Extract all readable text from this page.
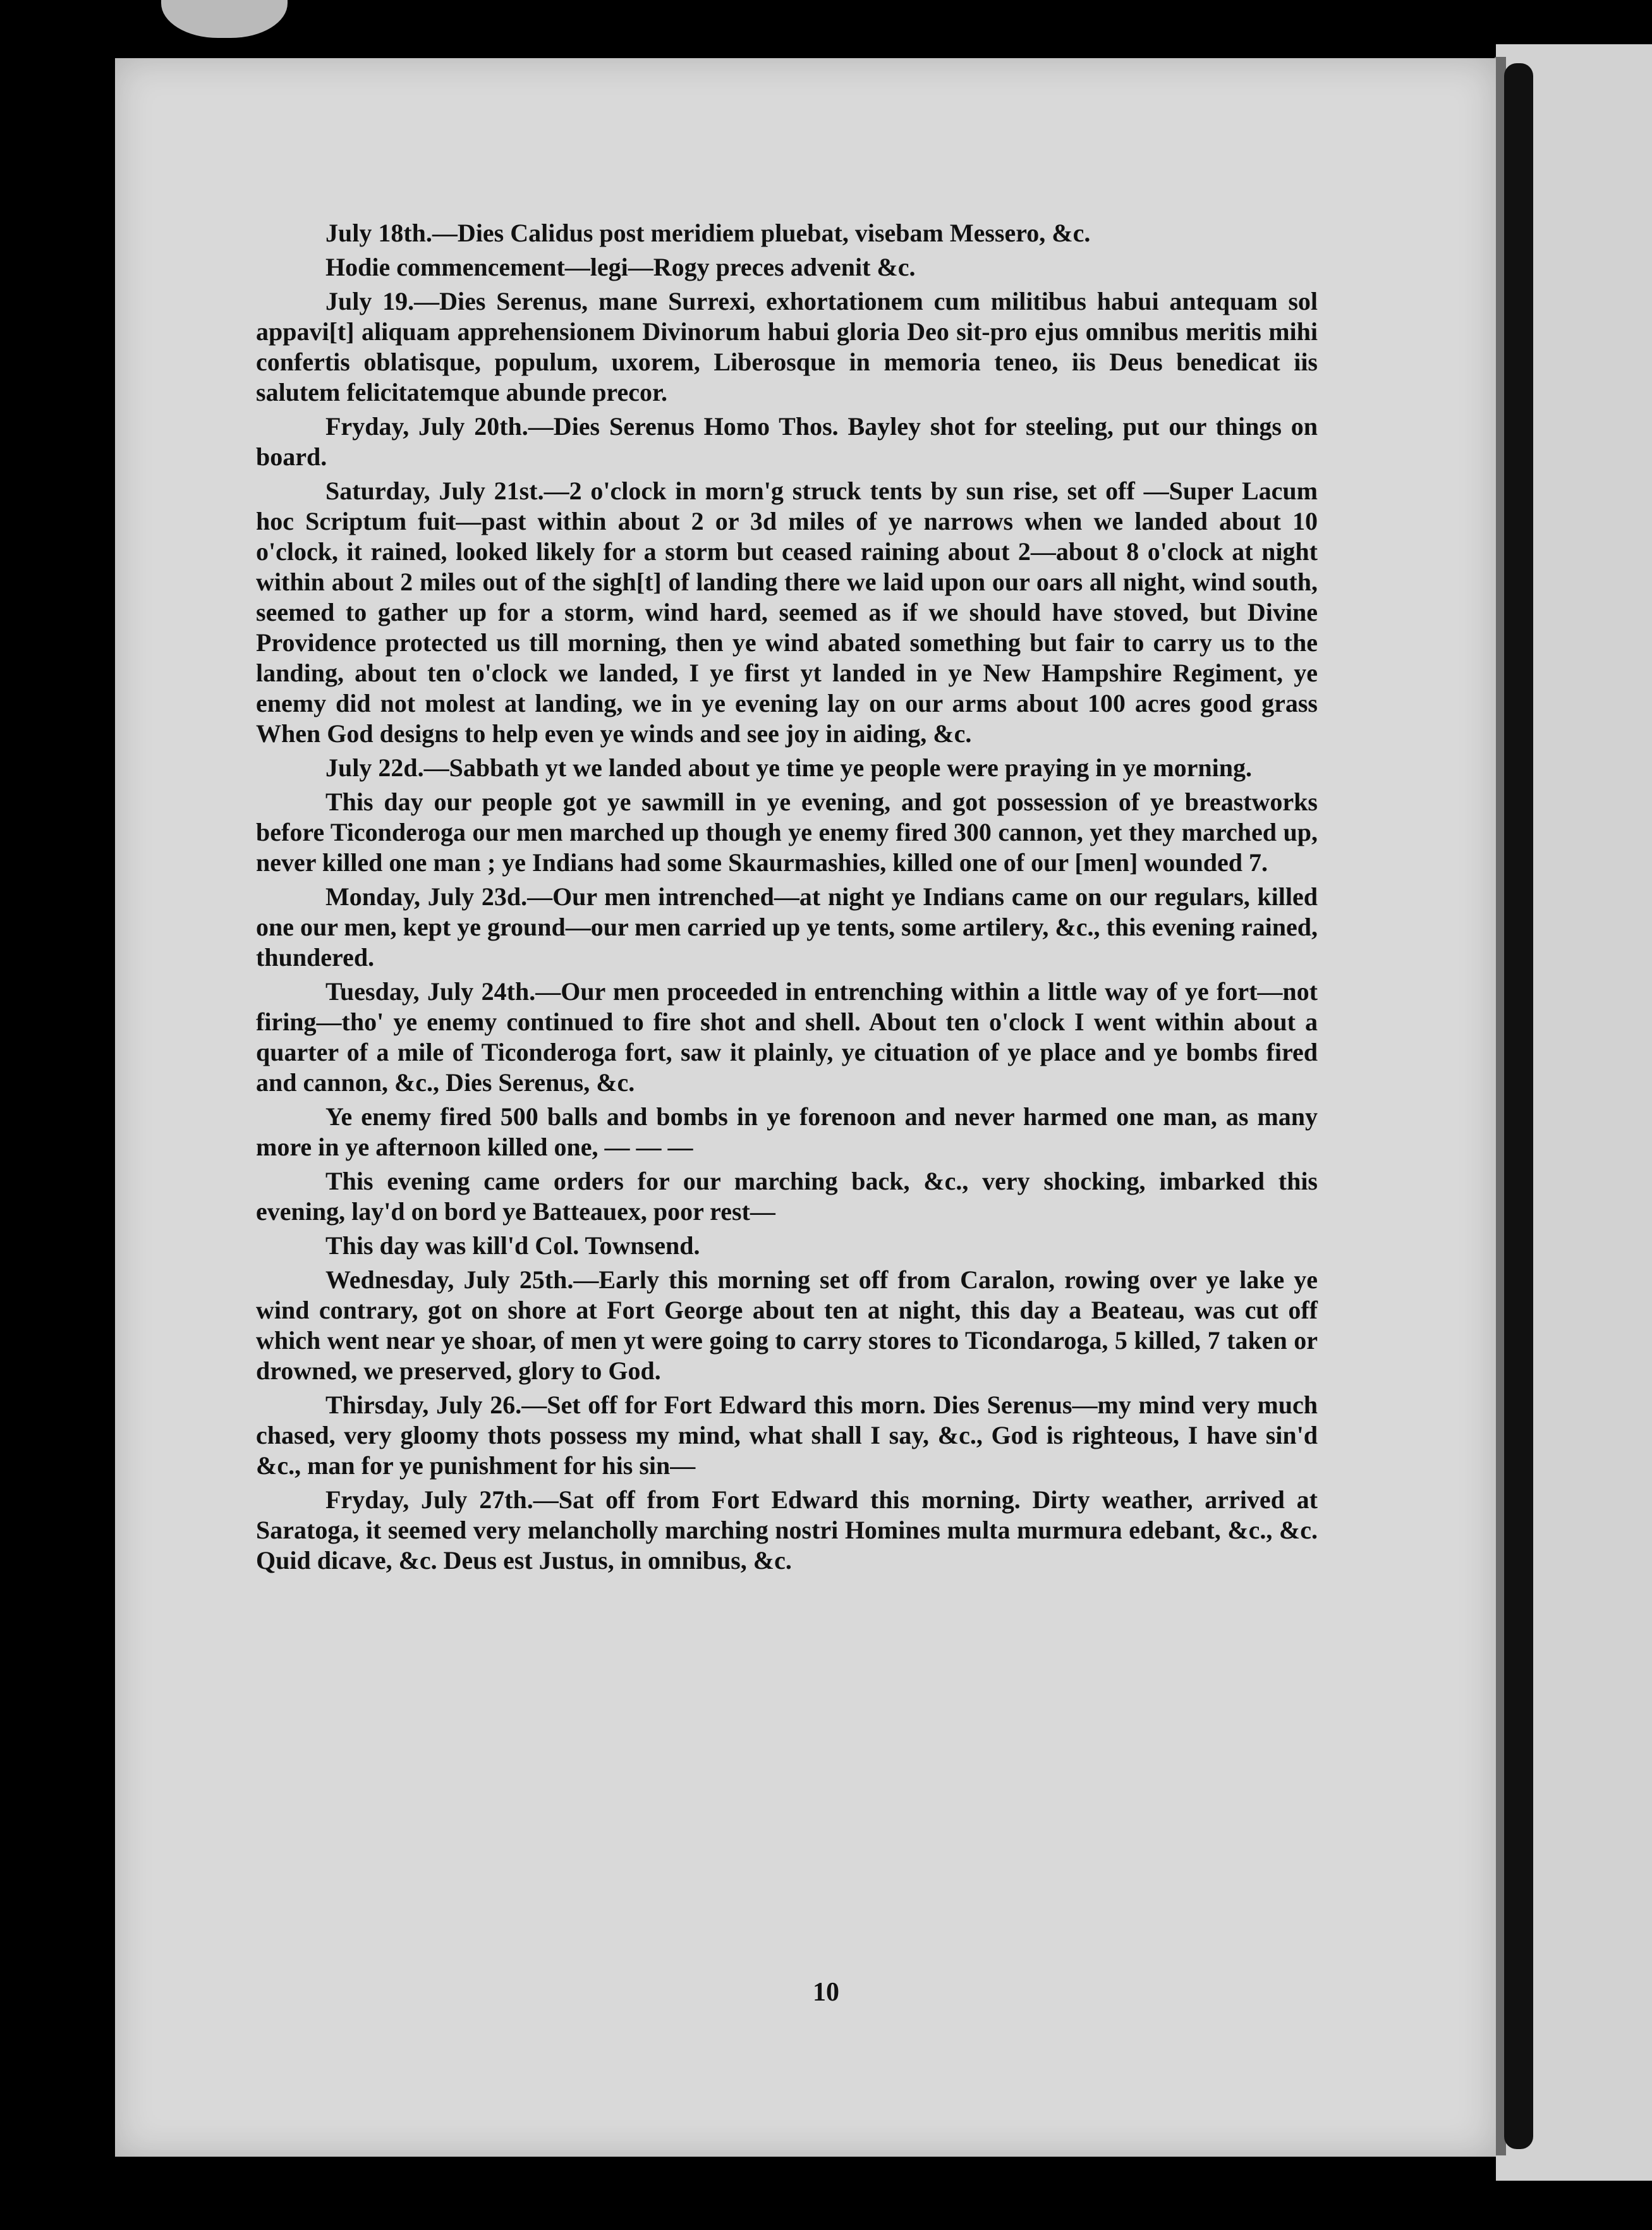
July 18th.—Dies Calidus post meridiem pluebat, visebam Messero, &c.

Hodie commencement—legi—Rogy preces advenit &c.

July 19.—Dies Serenus, mane Surrexi, exhortationem cum militibus habui antequam sol appavi[t] aliquam apprehensionem Divinorum habui gloria Deo sit-pro ejus omnibus meritis mihi confertis oblatisque, populum, uxorem, Liberosque in memoria teneo, iis Deus benedicat iis salutem felicitatemque abunde precor.

Fryday, July 20th.—Dies Serenus Homo Thos. Bayley shot for steeling, put our things on board.

Saturday, July 21st.—2 o'clock in morn'g struck tents by sun rise, set off —Super Lacum hoc Scriptum fuit—past within about 2 or 3d miles of ye narrows when we landed about 10 o'clock, it rained, looked likely for a storm but ceased raining about 2—about 8 o'clock at night within about 2 miles out of the sigh[t] of landing there we laid upon our oars all night, wind south, seemed to gather up for a storm, wind hard, seemed as if we should have stoved, but Divine Providence protected us till morning, then ye wind abated something but fair to carry us to the landing, about ten o'clock we landed, I ye first yt landed in ye New Hampshire Regiment, ye enemy did not molest at landing, we in ye evening lay on our arms about 100 acres good grass When God designs to help even ye winds and see joy in aiding, &c.

July 22d.—Sabbath yt we landed about ye time ye people were praying in ye morning.

This day our people got ye sawmill in ye evening, and got possession of ye breastworks before Ticonderoga our men marched up though ye enemy fired 300 cannon, yet they marched up, never killed one man ; ye Indians had some Skaurmashies, killed one of our [men] wounded 7.

Monday, July 23d.—Our men intrenched—at night ye Indians came on our regulars, killed one our men, kept ye ground—our men carried up ye tents, some artilery, &c., this evening rained, thundered.

Tuesday, July 24th.—Our men proceeded in entrenching within a little way of ye fort—not firing—tho' ye enemy continued to fire shot and shell. About ten o'clock I went within about a quarter of a mile of Ticonderoga fort, saw it plainly, ye cituation of ye place and ye bombs fired and cannon, &c., Dies Serenus, &c.

Ye enemy fired 500 balls and bombs in ye forenoon and never harmed one man, as many more in ye afternoon killed one, — — —

This evening came orders for our marching back, &c., very shocking, imbarked this evening, lay'd on bord ye Batteauex, poor rest—

This day was kill'd Col. Townsend.

Wednesday, July 25th.—Early this morning set off from Caralon, rowing over ye lake ye wind contrary, got on shore at Fort George about ten at night, this day a Beateau, was cut off which went near ye shoar, of men yt were going to carry stores to Ticondaroga, 5 killed, 7 taken or drowned, we preserved, glory to God.

Thirsday, July 26.—Set off for Fort Edward this morn. Dies Serenus—my mind very much chased, very gloomy thots possess my mind, what shall I say, &c., God is righteous, I have sin'd &c., man for ye punishment for his sin—

Fryday, July 27th.—Sat off from Fort Edward this morning. Dirty weather, arrived at Saratoga, it seemed very melancholly marching nostri Homines multa murmura edebant, &c., &c. Quid dicave, &c. Deus est Justus, in omnibus, &c.

10
